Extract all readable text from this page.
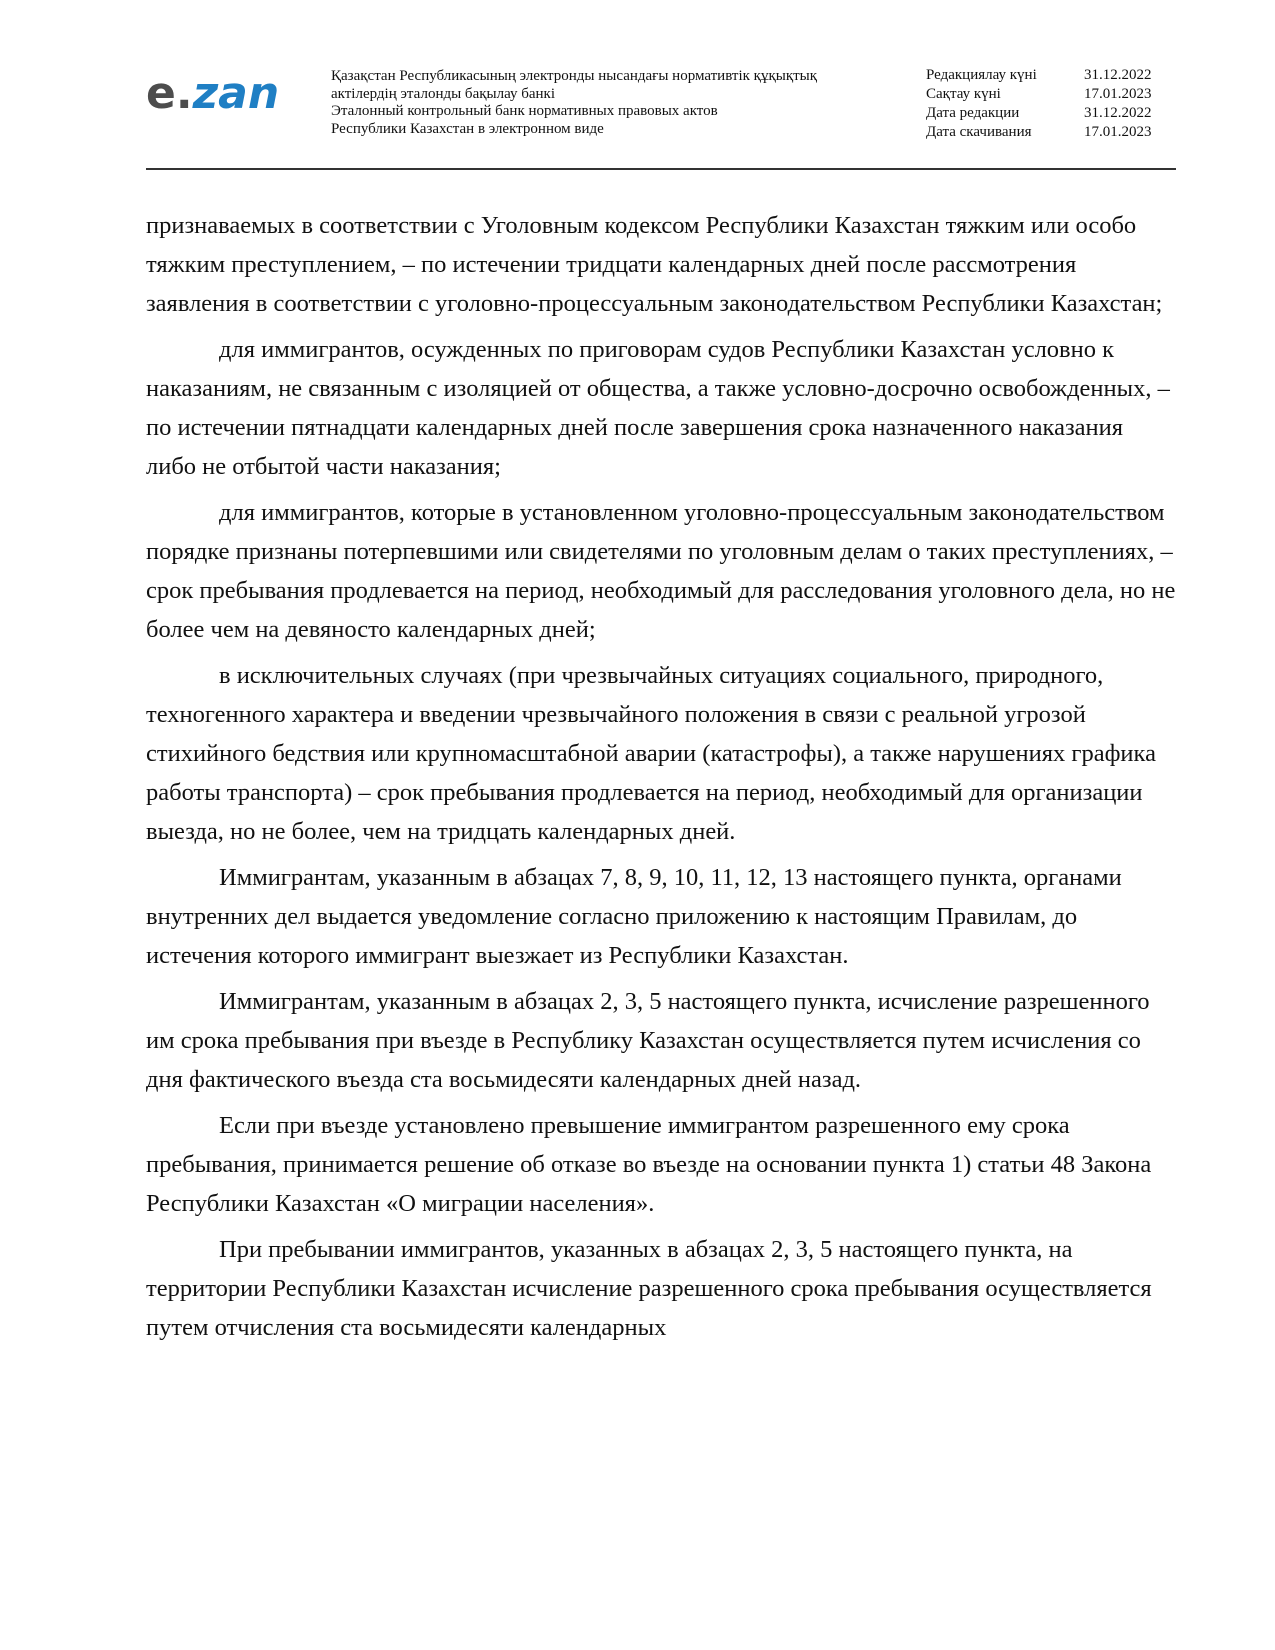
e.zan	Қазақстан Республикасының электронды нысандағы нормативтік құқықтық
актілердің эталонды бақылау банкі
Эталонный контрольный банк нормативных правовых актов
Республики Казахстан в электронном виде
Редакциялау күні	31.12.2022
Сақтау күні	17.01.2023
Дата редакции	31.12.2022
Дата скачивания	17.01.2023

признаваемых в соответствии с Уголовным кодексом Республики Казахстан тяжким или особо тяжким преступлением, – по истечении тридцати календарных дней после рассмотрения заявления в соответствии с уголовно-процессуальным законодательством Республики Казахстан;

для иммигрантов, осужденных по приговорам судов Республики Казахстан условно к наказаниям, не связанным с изоляцией от общества, а также условно-досрочно освобожденных, – по истечении пятнадцати календарных дней после завершения срока назначенного наказания либо не отбытой части наказания;

для иммигрантов, которые в установленном уголовно-процессуальным законодательством порядке признаны потерпевшими или свидетелями по уголовным делам о таких преступлениях, – срок пребывания продлевается на период, необходимый для расследования уголовного дела, но не более чем на девяносто календарных дней;

в исключительных случаях (при чрезвычайных ситуациях социального, природного, техногенного характера и введении чрезвычайного положения в связи с реальной угрозой стихийного бедствия или крупномасштабной аварии (катастрофы), а также нарушениях графика работы транспорта) – срок пребывания продлевается на период, необходимый для организации выезда, но не более, чем на тридцать календарных дней.

Иммигрантам, указанным в абзацах 7, 8, 9, 10, 11, 12, 13 настоящего пункта, органами внутренних дел выдается уведомление согласно приложению к настоящим Правилам, до истечения которого иммигрант выезжает из Республики Казахстан.

Иммигрантам, указанным в абзацах 2, 3, 5 настоящего пункта, исчисление разрешенного им срока пребывания при въезде в Республику Казахстан осуществляется путем исчисления со дня фактического въезда ста восьмидесяти календарных дней назад.

Если при въезде установлено превышение иммигрантом разрешенного ему срока пребывания, принимается решение об отказе во въезде на основании пункта 1) статьи 48 Закона Республики Казахстан «О миграции населения».

При пребывании иммигрантов, указанных в абзацах 2, 3, 5 настоящего пункта, на территории Республики Казахстан исчисление разрешенного срока пребывания осуществляется путем отчисления ста восьмидесяти календарных
